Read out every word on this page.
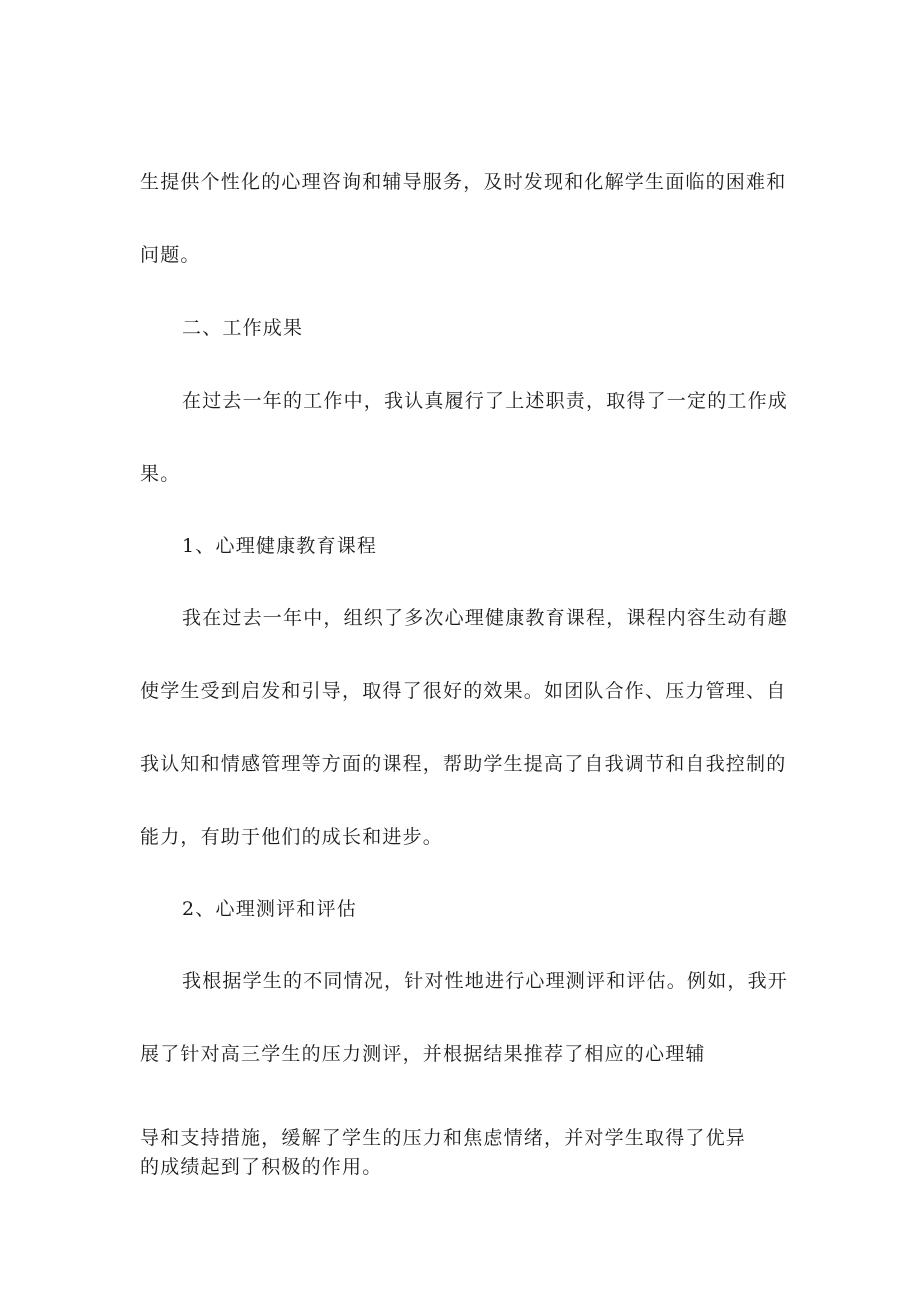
生提供个性化的心理咨询和辅导服务，及时发现和化解学生面临的困难和
问题。
二、工作成果
在过去一年的工作中，我认真履行了上述职责，取得了一定的工作成
果。
1、心理健康教育课程
我在过去一年中，组织了多次心理健康教育课程，课程内容生动有趣
使学生受到启发和引导，取得了很好的效果。如团队合作、压力管理、自
我认知和情感管理等方面的课程，帮助学生提高了自我调节和自我控制的
能力，有助于他们的成长和进步。
2、心理测评和评估
我根据学生的不同情况，针对性地进行心理测评和评估。例如，我开
展了针对高三学生的压力测评，并根据结果推荐了相应的心理辅
导和支持措施，缓解了学生的压力和焦虑情绪，并对学生取得了优异
的成绩起到了积极的作用。
